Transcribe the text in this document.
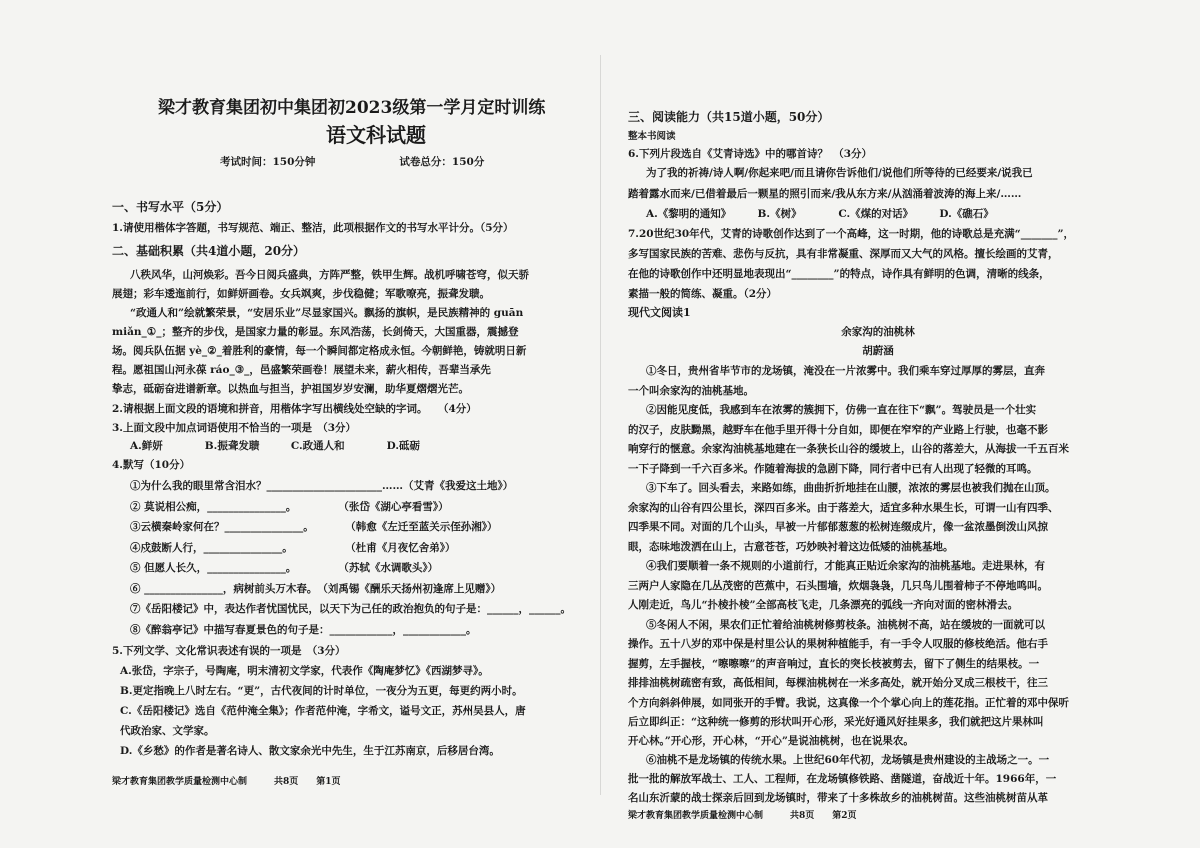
梁才教育集团初中集团初2023级第一学月定时训练
语文科试题
考试时间：150分钟　　　　　　　　试卷总分：150分
一、书写水平（5分）
1.请使用楷体字答题，书写规范、端正、整洁，此项根据作文的书写水平计分。（5分）
二、基础积累（共4道小题，20分）
八秩风华，山河焕彩。吾今日阅兵盛典，方阵严整，铁甲生辉。战机呼啸苍穹，似天骄
展翅；彩车逶迤前行，如鲜妍画卷。女兵飒爽，步伐稳健；军歌嘹亮，振聋发聩。
“政通人和”绘就繁荣景，“安居乐业”尽显家国兴。飘扬的旗帜，是民族精神的 guān
miǎn_①_；整齐的步伐，是国家力量的彰显。东风浩荡，长剑倚天，大国重器，震撼登
场。阅兵队伍据 yè_②_着胜利的豪情，每一个瞬间都定格成永恒。今朝鲜艳，铸就明日新
程。愿祖国山河永葆 ráo_③_，邑盛繁荣画卷！展望未来，薪火相传，吾辈当承先
挚志，砥砺奋进谱新章。以热血与担当，护祖国岁岁安澜，助华夏熠熠光芒。
2.请根据上面文段的语境和拼音，用楷体字写出横线处空缺的字词。　　（4分）
3.上面文段中加点词语使用不恰当的一项是　（3分）
A.鲜妍　　　　B.振聋发聩　　　C.政通人和　　　　D.砥砺
4.默写（10分）
①为什么我的眼里常含泪水？______________________……（艾青《我爱这土地》）
② 莫说相公痴，_______________。　　　　　（张岱《湖心亭看雪》）
③云横秦岭家何在？_______________。　　　　（韩愈《左迁至蓝关示侄孙湘》）
④戍鼓断人行，_______________。　　　　　　（杜甫《月夜忆舍弟》）
⑤ 但愿人长久，_______________。　　　　　（苏轼《水调歌头》）
⑥ _______________，病树前头万木春。　（刘禹锡《酬乐天扬州初逢席上见赠》）
⑦《岳阳楼记》中，表达作者忧国忧民，以天下为己任的政治抱负的句子是：______，______。
⑧《醉翁亭记》中描写春夏景色的句子是：____________，____________。
5.下列文学、文化常识表述有误的一项是　（3分）
A.张岱，字宗子，号陶庵，明末清初文学家，代表作《陶庵梦忆》《西湖梦寻》。
B.更定指晚上八时左右。“更”，古代夜间的计时单位，一夜分为五更，每更约两小时。
C.《岳阳楼记》选自《范仲淹全集》；作者范仲淹，字希文，谥号文正，苏州吴县人，唐
代政治家、文学家。
D.《乡愁》的作者是著名诗人、散文家余光中先生，生于江苏南京，后移居台湾。
梁才教育集团教学质量检测中心制　　　共8页　　第1页
三、阅读能力（共15道小题，50分）
整本书阅读
6.下列片段选自《艾青诗选》中的哪首诗？　（3分）
为了我的祈祷/诗人啊/你起来吧/而且请你告诉他们/说他们所等待的已经要来/说我已
踏着露水而来/已借着最后一颗星的照引而来/我从东方来/从汹涌着波涛的海上来/……
A.《黎明的通知》　　　B.《树》　　　　C.《煤的对话》　　　D.《礁石》
7.20世纪30年代，艾青的诗歌创作达到了一个高峰，这一时期，他的诗歌总是充满“_______”，
多写国家民族的苦难、悲伤与反抗，具有非常凝重、深厚而又大气的风格。擅长绘画的艾青，
在他的诗歌创作中还明显地表现出“________”的特点，诗作具有鲜明的色调，清晰的线条，
素描一般的简练、凝重。（2分）
现代文阅读1
余家沟的油桃林
胡蔚涵
①冬日，贵州省毕节市的龙场镇，淹没在一片浓雾中。我们乘车穿过厚厚的雾层，直奔
一个叫余家沟的油桃基地。
②因能见度低，我感到车在浓雾的簇拥下，仿佛一直在往下“飘”。驾驶员是一个壮实
的汉子，皮肤黝黑，越野车在他手里开得十分自如，即便在窄窄的产业路上行驶，也毫不影
响穿行的惬意。余家沟油桃基地建在一条狭长山谷的缓坡上，山谷的落差大，从海拔一千五百米
一下子降到一千六百多米。作随着海拔的急剧下降，同行者中已有人出现了轻微的耳鸣。
③下车了。回头看去，来路如练，曲曲折折地挂在山腰，浓浓的雾层也被我们抛在山顶。
余家沟的山谷有四公里长，深四百多米。由于落差大，适宜多种水果生长，可谓一山有四季、
四季果不同。对面的几个山头，早被一片郁郁葱葱的松树连缀成片，像一盆浓墨倒泼山风掠
眼，态味地泼洒在山上，古意苍苍，巧妙映衬着这边低矮的油桃基地。
④我们要顺着一条不规则的小道前行，才能真正贴近余家沟的油桃基地。走进果林，有
三两户人家隐在几丛茂密的芭蕉中，石头围墙，炊烟袅袅，几只鸟儿围着柿子不停地鸣叫。
人刚走近，鸟儿“扑棱扑棱”全部高枝飞走，几条漂亮的弧线一齐向对面的密林滑去。
⑤冬闲人不闲，果农们正忙着给油桃树修剪枝条。油桃树不高，站在缓坡的一面就可以
操作。五十八岁的邓中保是村里公认的果树种植能手，有一手令人叹服的修枝绝活。他右手
握剪，左手握枝，“嚓嚓嚓”的声音响过，直长的突长枝被剪去，留下了侧生的结果枝。一
排排油桃树疏密有致，高低相间，每棵油桃树在一米多高处，就开始分叉成三根枝干，往三
个方向斜斜伸展，如同张开的手臂。我说，这真像一个个掌心向上的莲花指。正忙着的邓中保听
后立即纠正：“这种统一修剪的形状叫开心形，采光好通风好挂果多，我们就把这片果林叫
开心林。”开心形，开心林，“开心”是说油桃树，也在说果农。
⑥油桃不是龙场镇的传统水果。上世纪60年代初，龙场镇是贵州建设的主战场之一。一
批一批的解放军战士、工人、工程师，在龙场镇修铁路、凿隧道，奋战近十年。1966年，一
名山东沂蒙的战士探亲后回到龙场镇时，带来了十多株故乡的油桃树苗。这些油桃树苗从革
梁才教育集团教学质量检测中心制　　　共8页　　第2页
